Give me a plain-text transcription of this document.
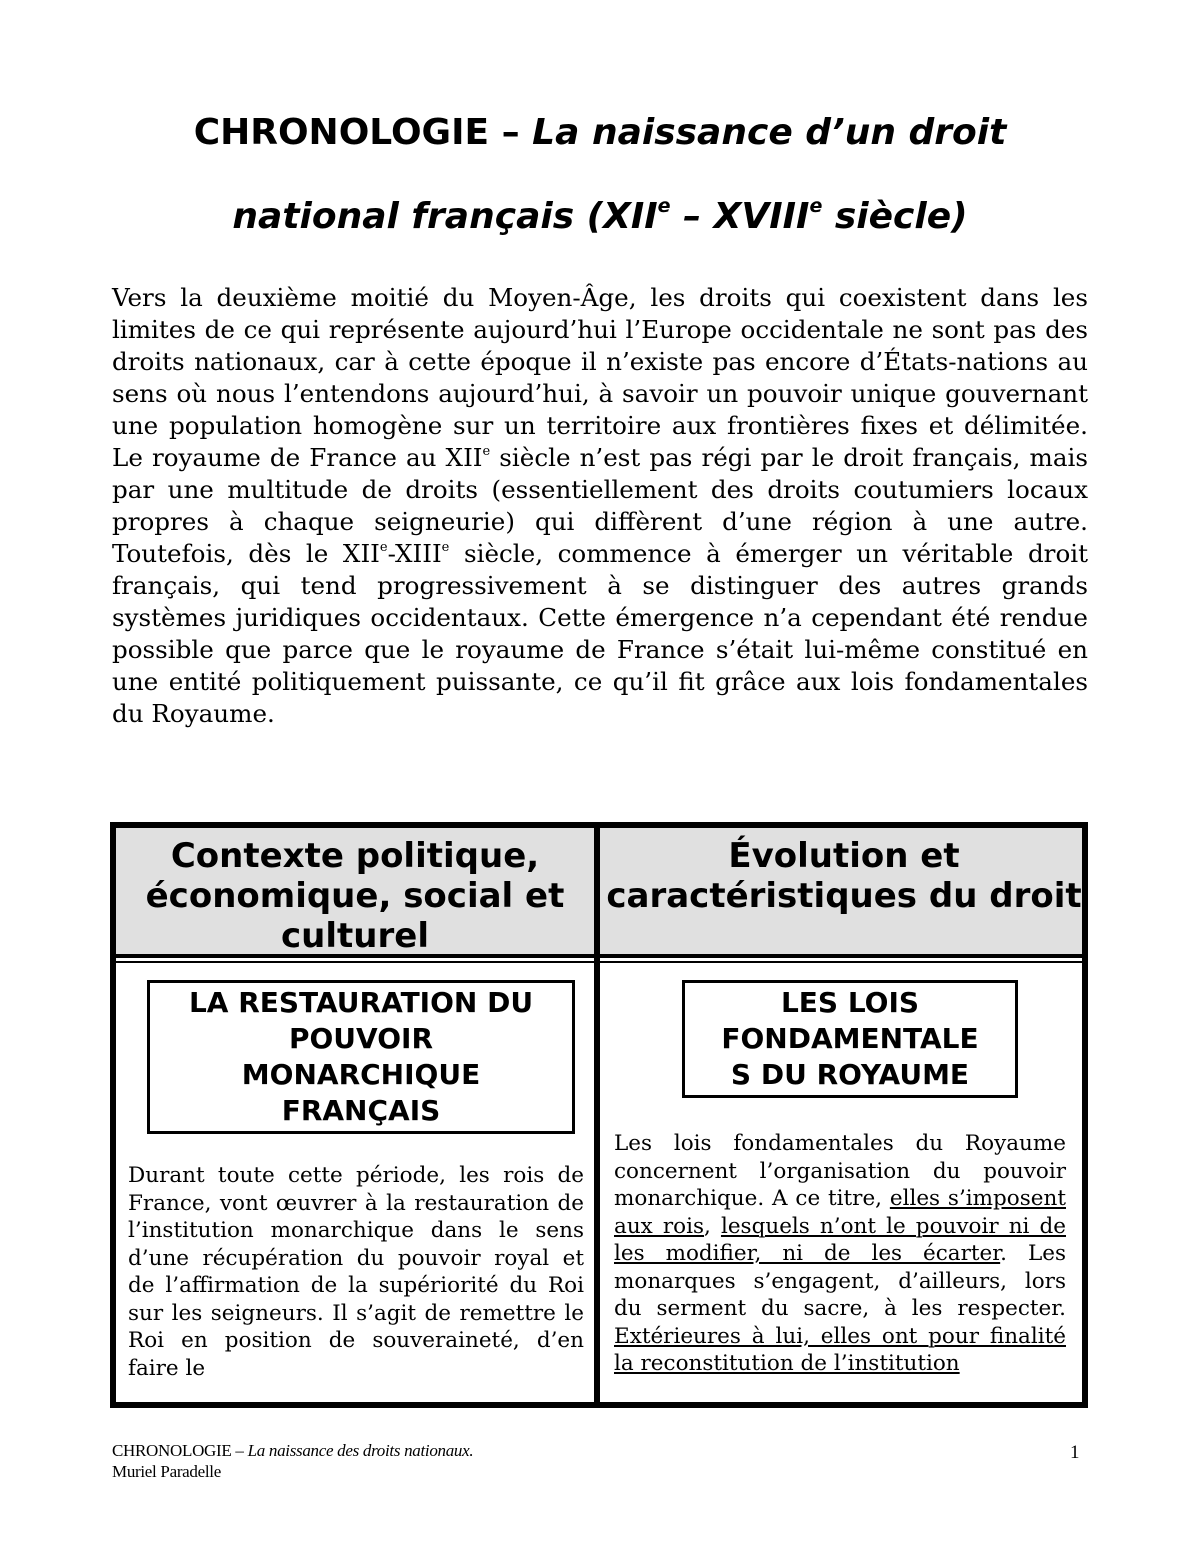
CHRONOLOGIE – La naissance d’un droit
national français (XIIe – XVIIIe siècle)

Vers la deuxième moitié du Moyen-Âge, les droits qui coexistent dans les limites de ce qui représente aujourd’hui l’Europe occidentale ne sont pas des droits nationaux, car à cette époque il n’existe pas encore d’États-nations au sens où nous l’entendons aujourd’hui, à savoir un pouvoir unique gouvernant une population homogène sur un territoire aux frontières fixes et délimitée. Le royaume de France au XIIe siècle n’est pas régi par le droit français, mais par une multitude de droits (essentiellement des droits coutumiers locaux propres à chaque seigneurie) qui diffèrent d’une région à une autre. Toutefois, dès le XIIe-XIIIe siècle, commence à émerger un véritable droit français, qui tend progressivement à se distinguer des autres grands systèmes juridiques occidentaux. Cette émergence n’a cependant été rendue possible que parce que le royaume de France s’était lui-même constitué en une entité politiquement puissante, ce qu’il fit grâce aux lois fondamentales du Royaume.

Contexte politique, économique, social et culturel
Évolution et caractéristiques du droit
LA RESTAURATION DU
POUVOIR
MONARCHIQUE
FRANÇAIS
LES LOIS
FONDAMENTALE
S DU ROYAUME

Durant toute cette période, les rois de France, vont œuvrer à la restauration de l’institution monarchique dans le sens d’une récupération du pouvoir royal et de l’affirmation de la supériorité du Roi sur les seigneurs. Il s’agit de remettre le Roi en position de souveraineté, d’en faire le

Les lois fondamentales du Royaume concernent l’organisation du pouvoir monarchique. A ce titre, elles s’imposent aux rois, lesquels n’ont le pouvoir ni de les modifier, ni de les écarter. Les monarques s’engagent, d’ailleurs, lors du serment du sacre, à les respecter. Extérieures à lui, elles ont pour finalité la reconstitution de l’institution

CHRONOLOGIE – La naissance des droits nationaux.
Muriel Paradelle
1
